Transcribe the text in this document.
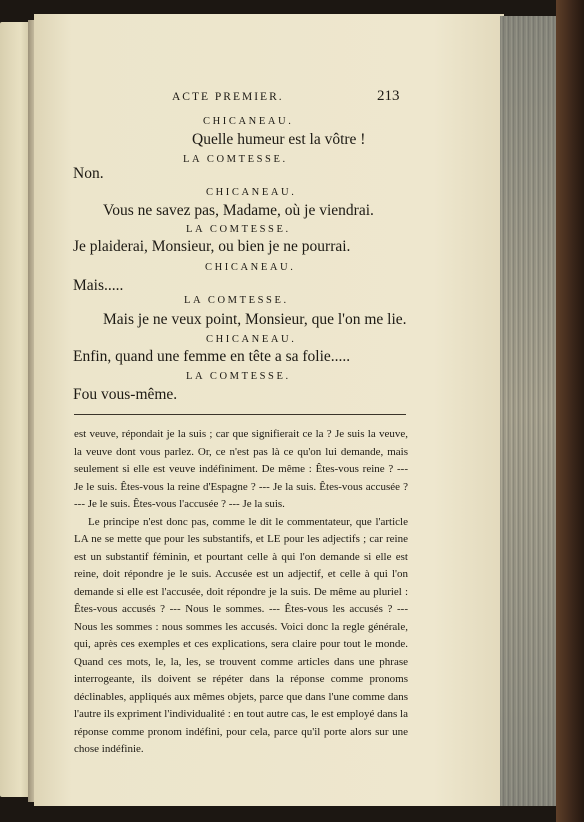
ACTE PREMIER.	213
CHICANEAU.
Quelle humeur est la vôtre !
LA COMTESSE.
Non.
CHICANEAU.
Vous ne savez pas, Madame, où je viendrai.
LA COMTESSE.
Je plaiderai, Monsieur, ou bien je ne pourrai.
CHICANEAU.
Mais.....
LA COMTESSE.
Mais je ne veux point, Monsieur, que l'on me lie.
CHICANEAU.
Enfin, quand une femme en tête a sa folie.....
LA COMTESSE.
Fou vous-même.

est veuve, répondait je la suis ; car que signifierait ce la ? Je suis la veuve, la veuve dont vous parlez. Or, ce n'est pas là ce qu'on lui demande, mais seulement si elle est veuve indéfiniment. De même : Êtes-vous reine ? --- Je le suis. Êtes-vous la reine d'Espagne ? --- Je la suis. Êtes-vous accusée ? --- Je le suis. Êtes-vous l'accusée ? --- Je la suis.

Le principe n'est donc pas, comme le dit le commentateur, que l'article LA ne se mette que pour les substantifs, et LE pour les adjectifs ; car reine est un substantif féminin, et pourtant celle à qui l'on demande si elle est reine, doit répondre je le suis. Accusée est un adjectif, et celle à qui l'on demande si elle est l'accusée, doit répondre je la suis. De même au pluriel : Êtes-vous accusés ? --- Nous le sommes. --- Êtes-vous les accusés ? --- Nous les sommes : nous sommes les accusés. Voici donc la regle générale, qui, après ces exemples et ces explications, sera claire pour tout le monde. Quand ces mots, le, la, les, se trouvent comme articles dans une phrase interrogeante, ils doivent se répéter dans la réponse comme pronoms déclinables, appliqués aux mêmes objets, parce que dans l'une comme dans l'autre ils expriment l'individualité : en tout autre cas, le est employé dans la réponse comme pronom indéfini, pour cela, parce qu'il porte alors sur une chose indéfinie.
